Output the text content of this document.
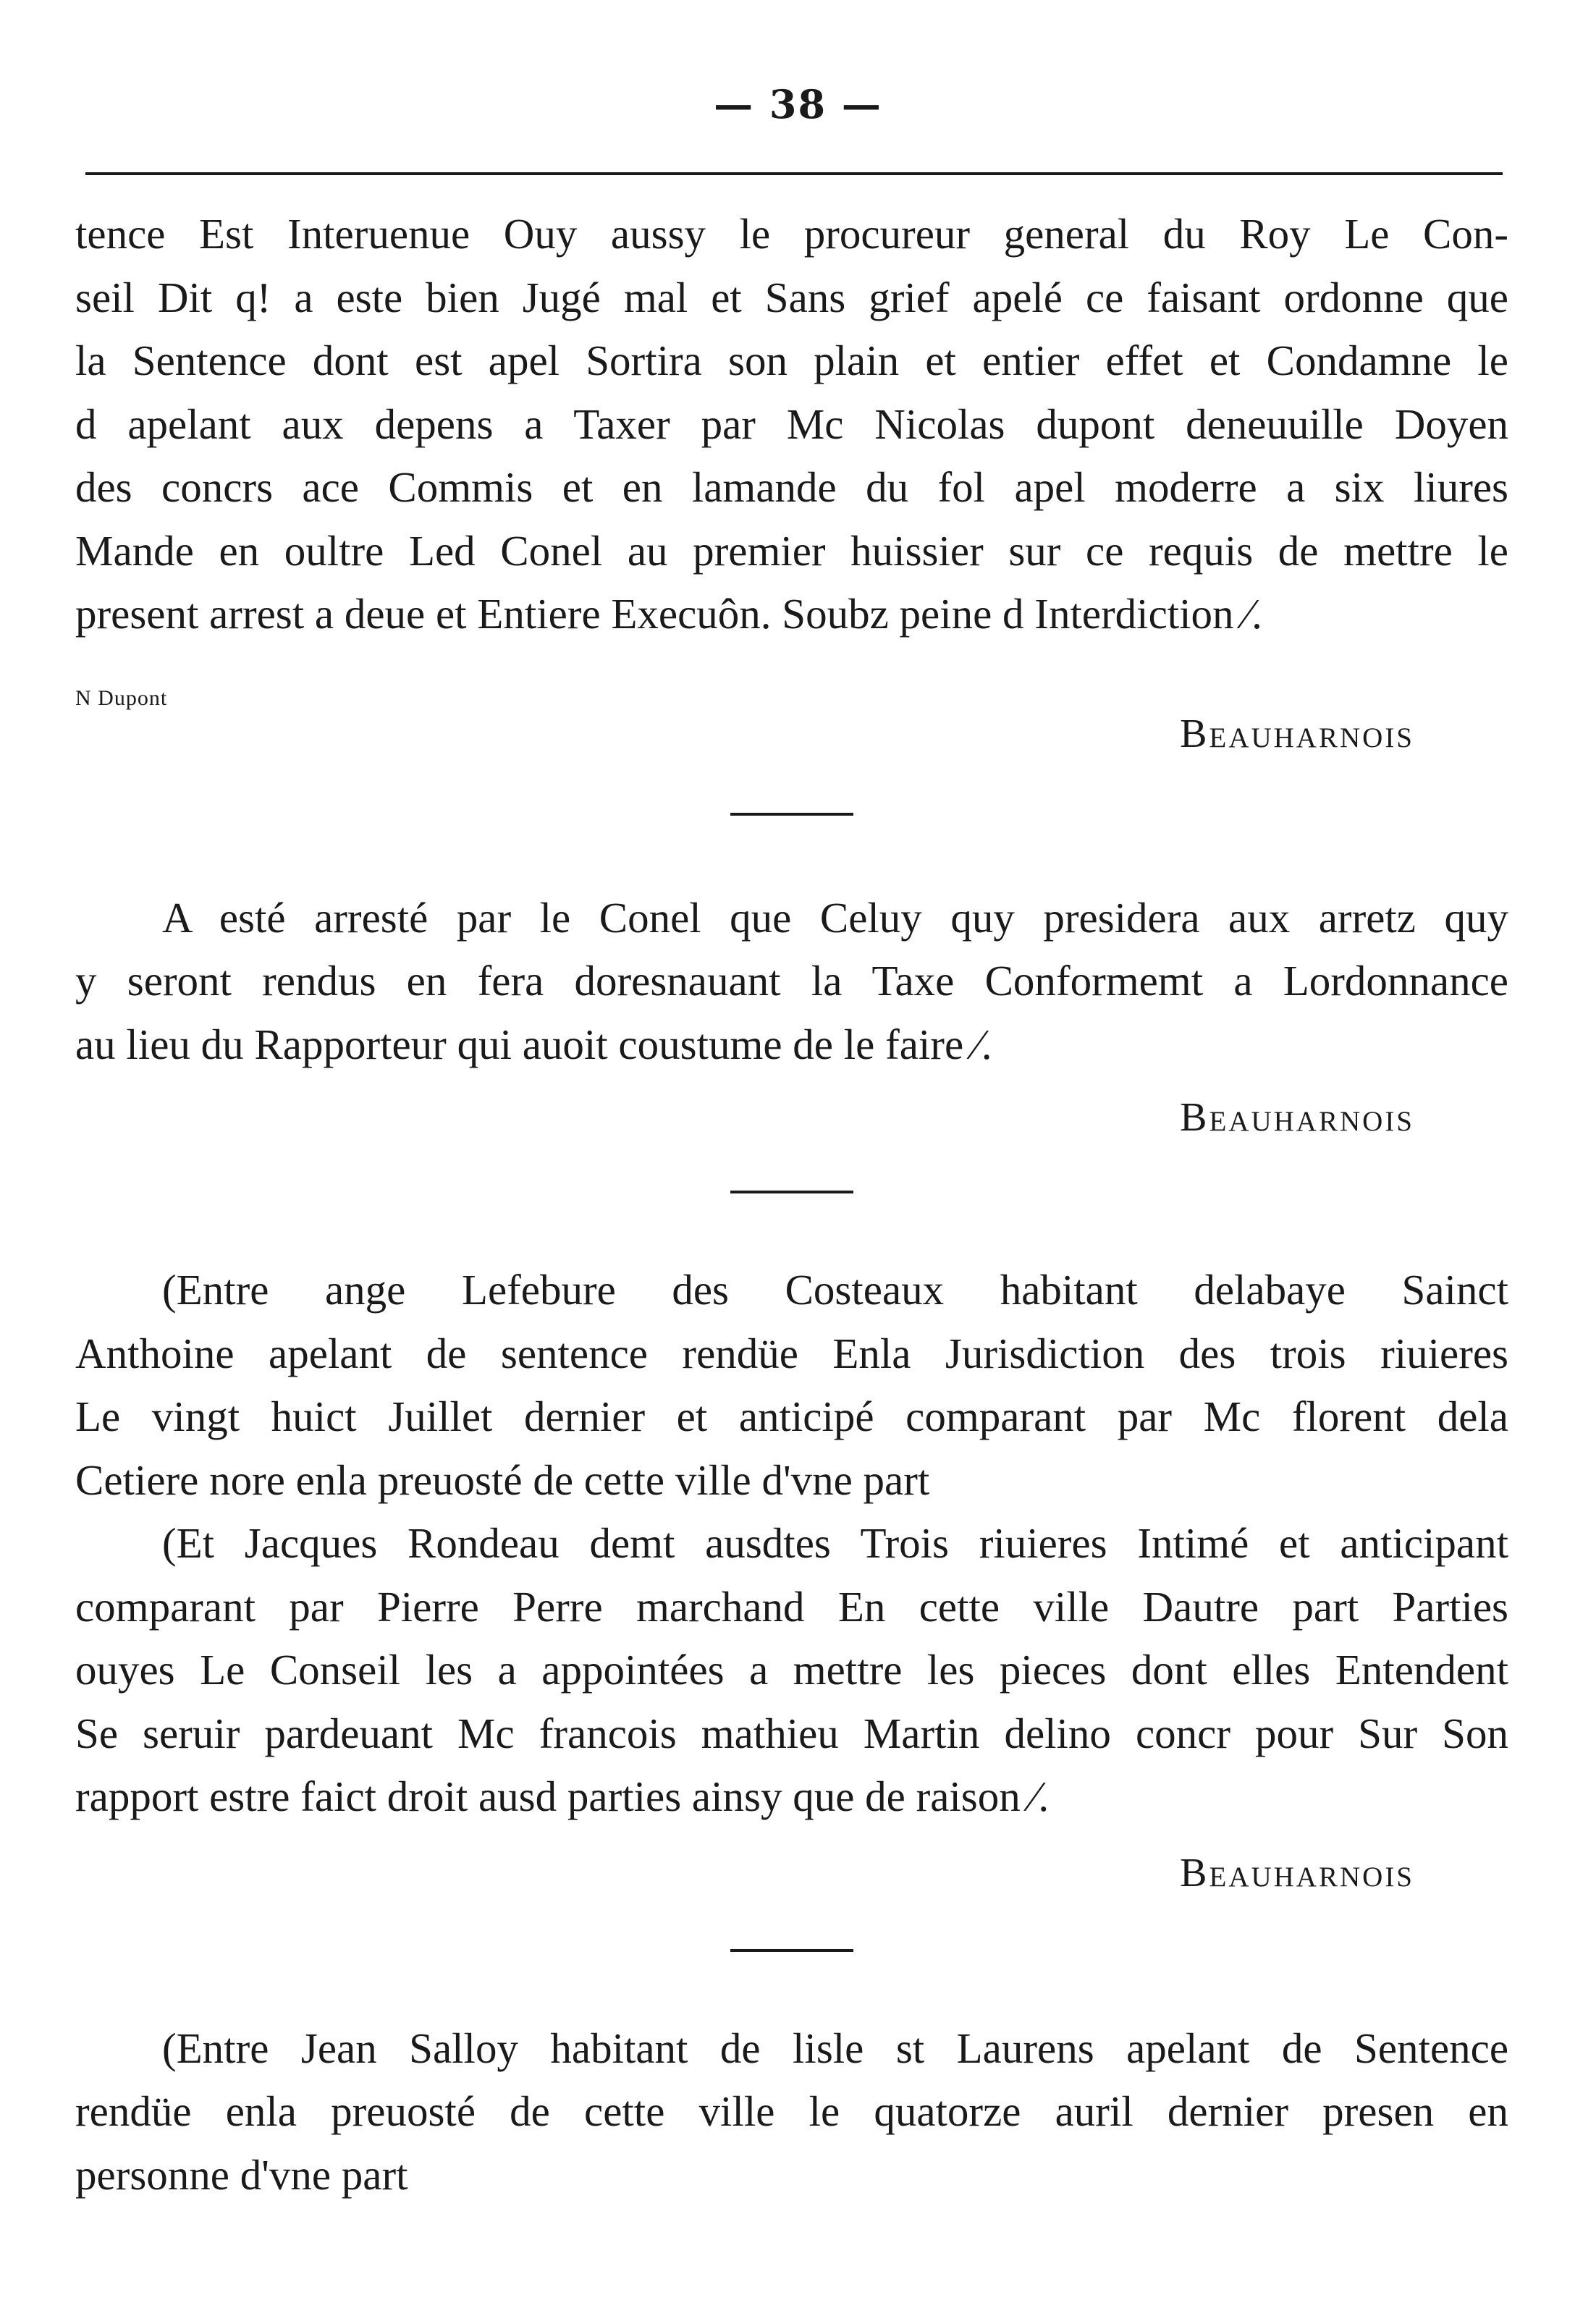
— 38 —
tence Est Interuenue Ouy aussy le procureur general du Roy Le Con-
seil Dit q! a este bien Jugé mal et Sans grief apelé ce faisant ordonne que
la Sentence dont est apel Sortira son plain et entier effet et Condamne le
d apelant aux depens a Taxer par Mc Nicolas dupont deneuuille Doyen
des concrs ace Commis et en lamande du fol apel moderre a six liures
Mande en oultre Led Conel au premier huissier sur ce requis de mettre le
present arrest a deue et Entiere Execuôn. Soubz peine d Interdiction ⁄.
N Dupont
Beauharnois
A esté arresté par le Conel que Celuy quy presidera aux arretz quy
y seront rendus en fera doresnauant la Taxe Conformemt a Lordonnance
au lieu du Rapporteur qui auoit coustume de le faire ⁄.
Beauharnois
(Entre ange Lefebure des Costeaux habitant delabaye Sainct
Anthoine apelant de sentence rendüe Enla Jurisdiction des trois riuieres
Le vingt huict Juillet dernier et anticipé comparant par Mc florent dela
Cetiere nore enla preuosté de cette ville d'vne part
(Et Jacques Rondeau demt ausdtes Trois riuieres Intimé et anticipant
comparant par Pierre Perre marchand En cette ville Dautre part Parties
ouyes Le Conseil les a appointées a mettre les pieces dont elles Entendent
Se seruir pardeuant Mc francois mathieu Martin delino concr pour Sur Son
rapport estre faict droit ausd parties ainsy que de raison ⁄.
Beauharnois
(Entre Jean Salloy habitant de lisle st Laurens apelant de Sentence
rendüe enla preuosté de cette ville le quatorze auril dernier presen en
personne d'vne part
